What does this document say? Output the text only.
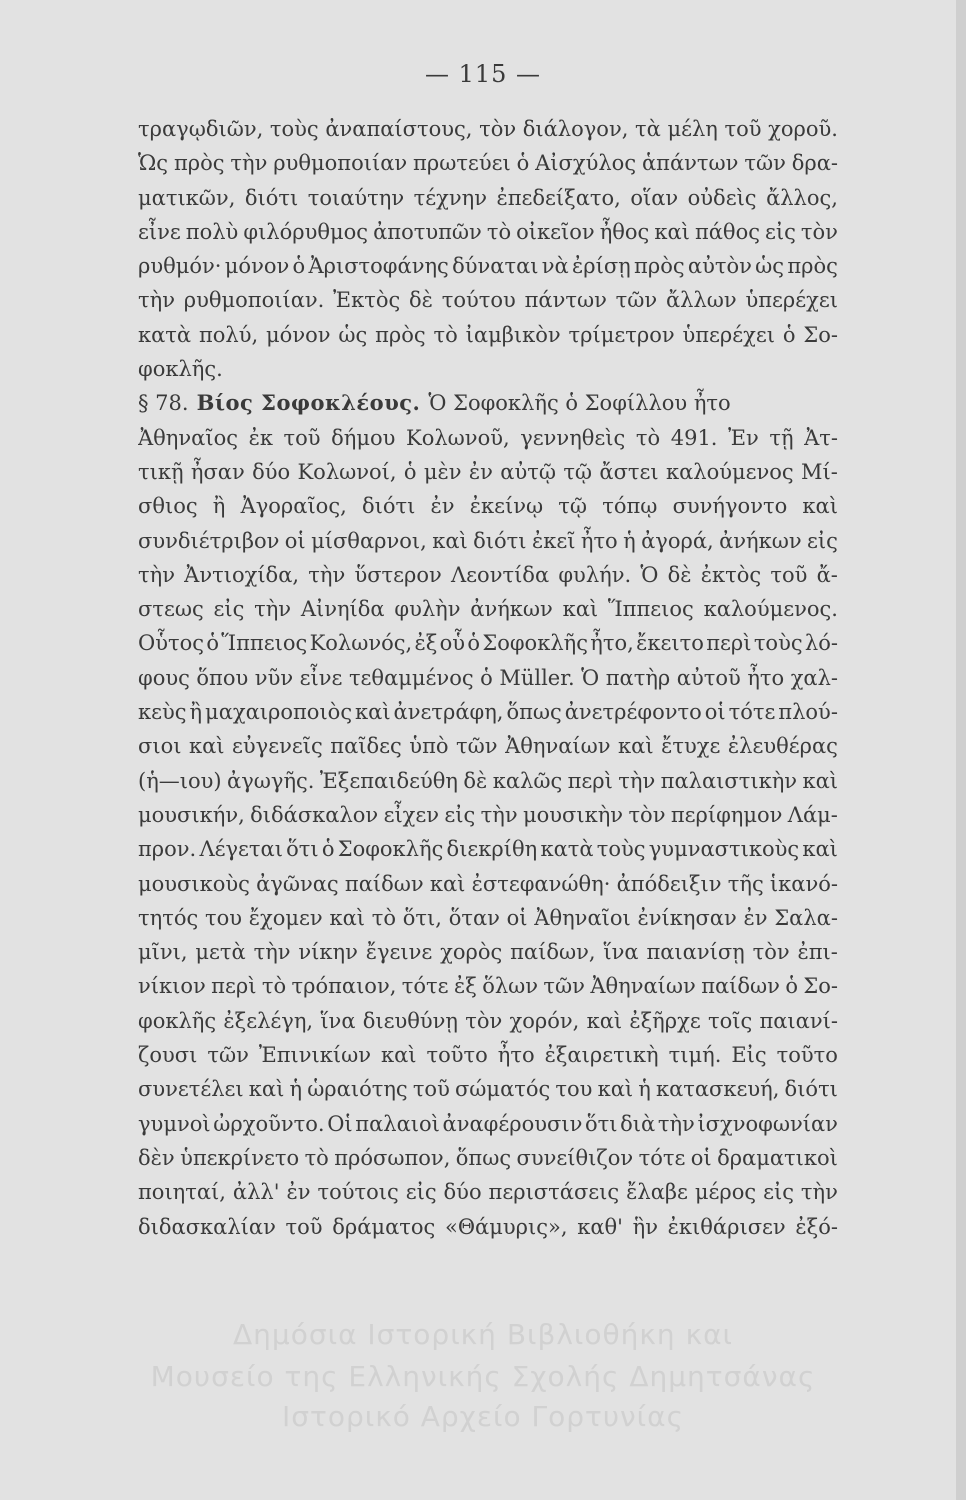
— 115 —
τραγῳδιῶν, τοὺς ἀναπαίστους, τὸν διάλογον, τὰ μέλη τοῦ χοροῦ.
Ὡς πρὸς τὴν ρυθμοποιίαν πρωτεύει ὁ Αἰσχύλος ἁπάντων τῶν δρα-
ματικῶν, διότι τοιαύτην τέχνην ἐπεδείξατο, οἵαν οὐδεὶς ἄλλος,
εἶνε πολὺ φιλόρυθμος ἀποτυπῶν τὸ οἰκεῖον ἦθος καὶ πάθος εἰς τὸν
ρυθμόν· μόνον ὁ Ἀριστοφάνης δύναται νὰ ἐρίσῃ πρὸς αὐτὸν ὡς πρὸς
τὴν ρυθμοποιίαν. Ἐκτὸς δὲ τούτου πάντων τῶν ἄλλων ὑπερέχει
κατὰ πολύ, μόνον ὡς πρὸς τὸ ἰαμβικὸν τρίμετρον ὑπερέχει ὁ Σο-
φοκλῆς.
§ 78. Βίος Σοφοκλέους. Ὁ Σοφοκλῆς ὁ Σοφίλλου ἦτο
Ἀθηναῖος ἐκ τοῦ δήμου Κολωνοῦ, γεννηθεὶς τὸ 491. Ἐν τῇ Ἀτ-
τικῇ ἦσαν δύο Κολωνοί, ὁ μὲν ἐν αὐτῷ τῷ ἄστει καλούμενος Μί-
σθιος ἢ Ἀγοραῖος, διότι ἐν ἐκείνῳ τῷ τόπῳ συνήγοντο καὶ
συνδιέτριβον οἱ μίσθαρνοι, καὶ διότι ἐκεῖ ἦτο ἡ ἀγορά, ἀνήκων εἰς
τὴν Ἀντιοχίδα, τὴν ὕστερον Λεοντίδα φυλήν. Ὁ δὲ ἐκτὸς τοῦ ἄ-
στεως εἰς τὴν Αἰνηίδα φυλὴν ἀνήκων καὶ Ἵππειος καλούμενος.
Οὗτος ὁ Ἵππειος Κολωνός, ἐξ οὗ ὁ Σοφοκλῆς ἦτο, ἔκειτο περὶ τοὺς λό-
φους ὅπου νῦν εἶνε τεθαμμένος ὁ Müller. Ὁ πατὴρ αὐτοῦ ἦτο χαλ-
κεὺς ἢ μαχαιροποιὸς καὶ ἀνετράφη, ὅπως ἀνετρέφοντο οἱ τότε πλού-
σιοι καὶ εὐγενεῖς παῖδες ὑπὸ τῶν Ἀθηναίων καὶ ἔτυχε ἐλευθέρας
(ἡ—ιου) ἀγωγῆς. Ἐξεπαιδεύθη δὲ καλῶς περὶ τὴν παλαιστικὴν καὶ
μουσικήν, διδάσκαλον εἶχεν εἰς τὴν μουσικὴν τὸν περίφημον Λάμ-
προν. Λέγεται ὅτι ὁ Σοφοκλῆς διεκρίθη κατὰ τοὺς γυμναστικοὺς καὶ
μουσικοὺς ἀγῶνας παίδων καὶ ἐστεφανώθη· ἀπόδειξιν τῆς ἱκανό-
τητός του ἔχομεν καὶ τὸ ὅτι, ὅταν οἱ Ἀθηναῖοι ἐνίκησαν ἐν Σαλα-
μῖνι, μετὰ τὴν νίκην ἔγεινε χορὸς παίδων, ἵνα παιανίσῃ τὸν ἐπι-
νίκιον περὶ τὸ τρόπαιον, τότε ἐξ ὅλων τῶν Ἀθηναίων παίδων ὁ Σο-
φοκλῆς ἐξελέγη, ἵνα διευθύνῃ τὸν χορόν, καὶ ἐξῆρχε τοῖς παιανί-
ζουσι τῶν Ἐπινικίων καὶ τοῦτο ἦτο ἐξαιρετικὴ τιμή. Εἰς τοῦτο
συνετέλει καὶ ἡ ὡραιότης τοῦ σώματός του καὶ ἡ κατασκευή, διότι
γυμνοὶ ὠρχοῦντο. Οἱ παλαιοὶ ἀναφέρουσιν ὅτι διὰ τὴν ἰσχνοφωνίαν
δὲν ὑπεκρίνετο τὸ πρόσωπον, ὅπως συνείθιζον τότε οἱ δραματικοὶ
ποιηταί, ἀλλ' ἐν τούτοις εἰς δύο περιστάσεις ἔλαβε μέρος εἰς τὴν
διδασκαλίαν τοῦ δράματος «Θάμυρις», καθ' ἣν ἐκιθάρισεν ἐξό-
Δημόσια Ιστορική Βιβλιοθήκη και
Μουσείο της Ελληνικής Σχολής Δημητσάνας
Ιστορικό Αρχείο Γορτυνίας
